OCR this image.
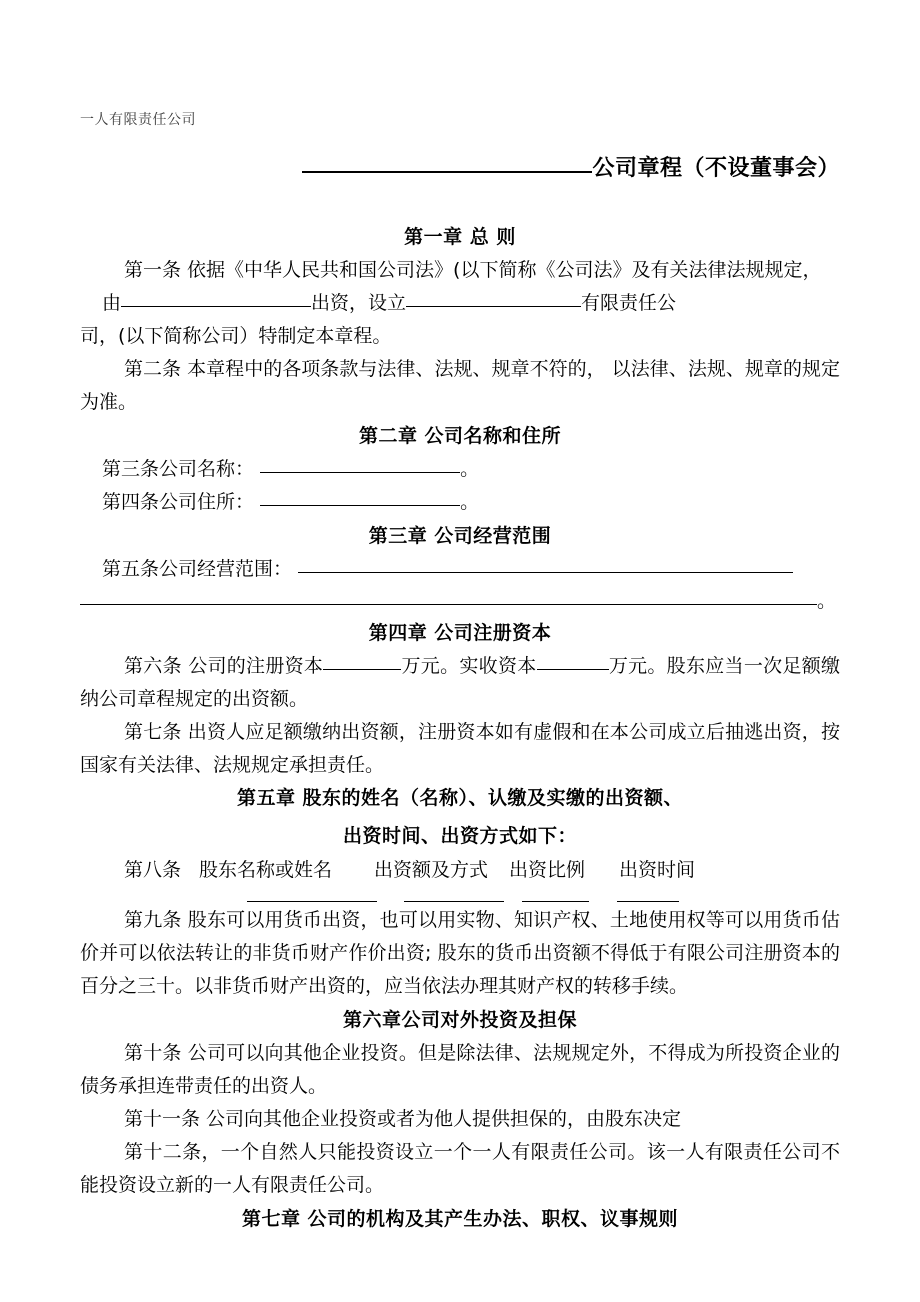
一人有限责任公司
公司章程（不设董事会）
第一章 总 则
第一条 依据《中华人民共和国公司法》(以下简称《公司法》及有关法律法规规定，
由	出资，设立	有限责任公
司，(以下简称公司）特制定本章程。
第二条 本章程中的各项条款与法律、法规、规章不符的， 以法律、法规、规章的规定为准。
第二章 公司名称和住所
第三条公司名称：	。
第四条公司住所：	。
第三章 公司经营范围
第五条公司经营范围：
。
第四章 公司注册资本
第六条 公司的注册资本	万元。实收资本	万元。股东应当一次足额缴纳公司章程规定的出资额。
第七条 出资人应足额缴纳出资额，注册资本如有虚假和在本公司成立后抽逃出资，按国家有关法律、法规规定承担责任。
第五章 股东的姓名（名称）、认缴及实缴的出资额、
出资时间、出资方式如下：
第八条 股东名称或姓名	出资额及方式	出资比例	出资时间
第九条 股东可以用货币出资，也可以用实物、知识产权、土地使用权等可以用货币估价并可以依法转让的非货币财产作价出资; 股东的货币出资额不得低于有限公司注册资本的百分之三十。以非货币财产出资的，应当依法办理其财产权的转移手续。
第六章公司对外投资及担保
第十条 公司可以向其他企业投资。但是除法律、法规规定外，不得成为所投资企业的债务承担连带责任的出资人。
第十一条 公司向其他企业投资或者为他人提供担保的，由股东决定
第十二条，一个自然人只能投资设立一个一人有限责任公司。该一人有限责任公司不能投资设立新的一人有限责任公司。
第七章 公司的机构及其产生办法、职权、议事规则
